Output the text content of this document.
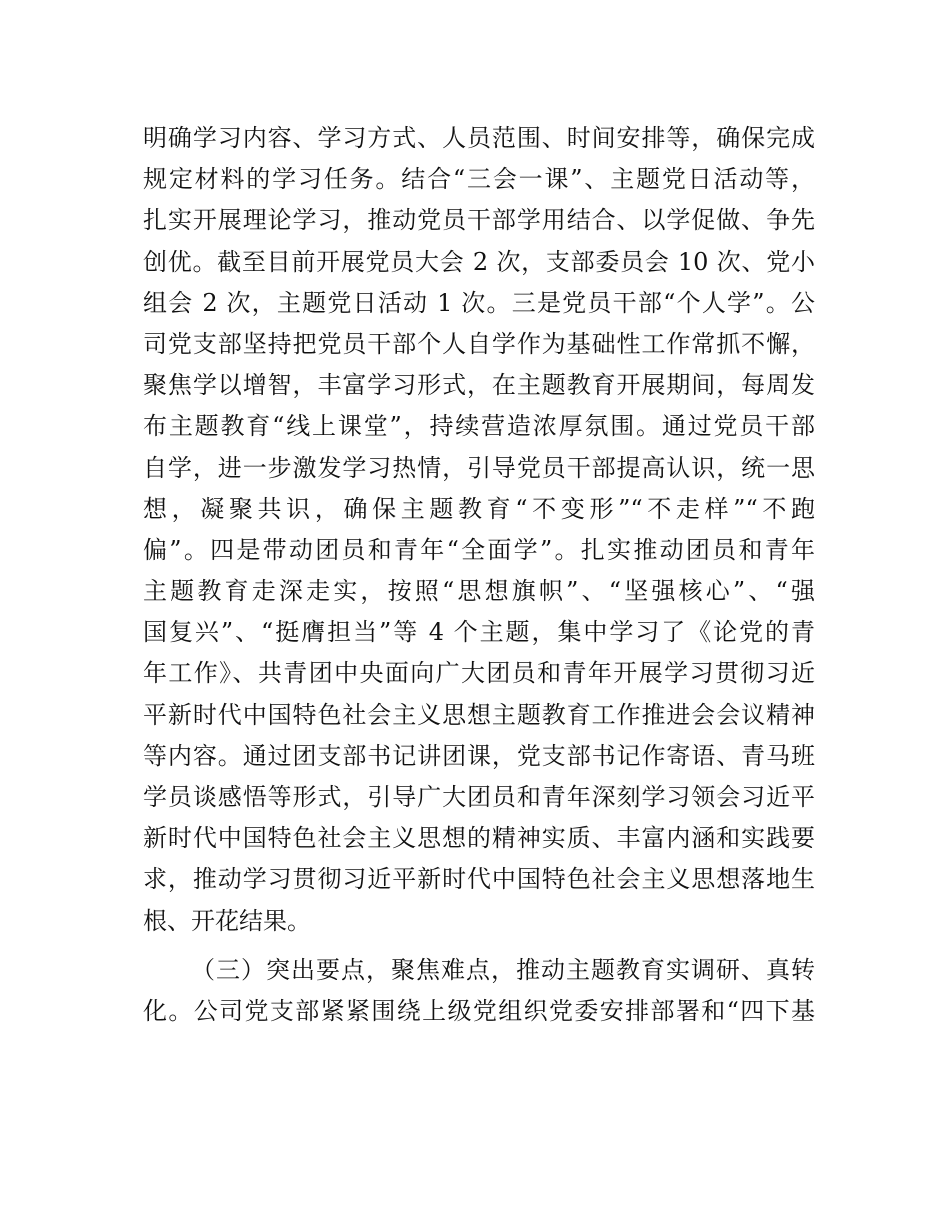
明确学习内容、学习方式、人员范围、时间安排等，确保完成
规定材料的学习任务。结合“三会一课”、主题党日活动等，
扎实开展理论学习，推动党员干部学用结合、以学促做、争先
创优。截至目前开展党员大会 2 次，支部委员会 10 次、党小
组会 2 次，主题党日活动 1 次。三是党员干部“个人学”。公
司党支部坚持把党员干部个人自学作为基础性工作常抓不懈，
聚焦学以增智，丰富学习形式，在主题教育开展期间，每周发
布主题教育“线上课堂”，持续营造浓厚氛围。通过党员干部
自学，进一步激发学习热情，引导党员干部提高认识，统一思
想，凝聚共识，确保主题教育“不变形”“不走样”“不跑
偏”。四是带动团员和青年“全面学”。扎实推动团员和青年
主题教育走深走实，按照“思想旗帜”、“坚强核心”、“强
国复兴”、“挺膺担当”等 4 个主题，集中学习了《论党的青
年工作》、共青团中央面向广大团员和青年开展学习贯彻习近
平新时代中国特色社会主义思想主题教育工作推进会会议精神
等内容。通过团支部书记讲团课，党支部书记作寄语、青马班
学员谈感悟等形式，引导广大团员和青年深刻学习领会习近平
新时代中国特色社会主义思想的精神实质、丰富内涵和实践要
求，推动学习贯彻习近平新时代中国特色社会主义思想落地生
根、开花结果。
（三）突出要点，聚焦难点，推动主题教育实调研、真转
化。公司党支部紧紧围绕上级党组织党委安排部署和“四下基
